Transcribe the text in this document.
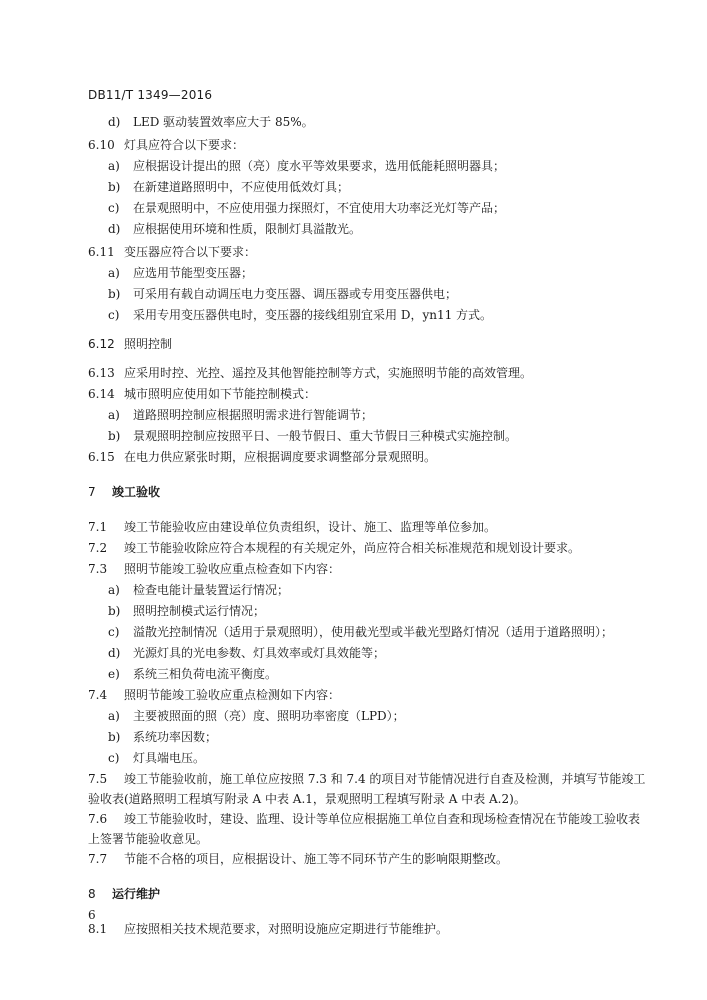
DB11/T 1349—2016
d) LED 驱动装置效率应大于 85%。
6.10 灯具应符合以下要求：
a) 应根据设计提出的照（亮）度水平等效果要求，选用低能耗照明器具；
b) 在新建道路照明中，不应使用低效灯具；
c) 在景观照明中，不应使用强力探照灯，不宜使用大功率泛光灯等产品；
d) 应根据使用环境和性质，限制灯具溢散光。
6.11 变压器应符合以下要求：
a) 应选用节能型变压器；
b) 可采用有载自动调压电力变压器、调压器或专用变压器供电；
c) 采用专用变压器供电时，变压器的接线组别宜采用 D，yn11 方式。
6.12 照明控制
6.13 应采用时控、光控、遥控及其他智能控制等方式，实施照明节能的高效管理。
6.14 城市照明应使用如下节能控制模式：
a) 道路照明控制应根据照明需求进行智能调节；
b) 景观照明控制应按照平日、一般节假日、重大节假日三种模式实施控制。
6.15 在电力供应紧张时期，应根据调度要求调整部分景观照明。
7 竣工验收
7.1 竣工节能验收应由建设单位负责组织，设计、施工、监理等单位参加。
7.2 竣工节能验收除应符合本规程的有关规定外，尚应符合相关标准规范和规划设计要求。
7.3 照明节能竣工验收应重点检查如下内容：
a) 检查电能计量装置运行情况；
b) 照明控制模式运行情况；
c) 溢散光控制情况（适用于景观照明），使用截光型或半截光型路灯情况（适用于道路照明）；
d) 光源灯具的光电参数、灯具效率或灯具效能等；
e) 系统三相负荷电流平衡度。
7.4 照明节能竣工验收应重点检测如下内容：
a) 主要被照面的照（亮）度、照明功率密度（LPD）；
b) 系统功率因数；
c) 灯具端电压。
7.5 竣工节能验收前，施工单位应按照 7.3 和 7.4 的项目对节能情况进行自查及检测，并填写节能竣工验收表(道路照明工程填写附录 A 中表 A.1，景观照明工程填写附录 A 中表 A.2)。
7.6 竣工节能验收时，建设、监理、设计等单位应根据施工单位自查和现场检查情况在节能竣工验收表上签署节能验收意见。
7.7 节能不合格的项目，应根据设计、施工等不同环节产生的影响限期整改。
8 运行维护
8.1 应按照相关技术规范要求，对照明设施应定期进行节能维护。
6
